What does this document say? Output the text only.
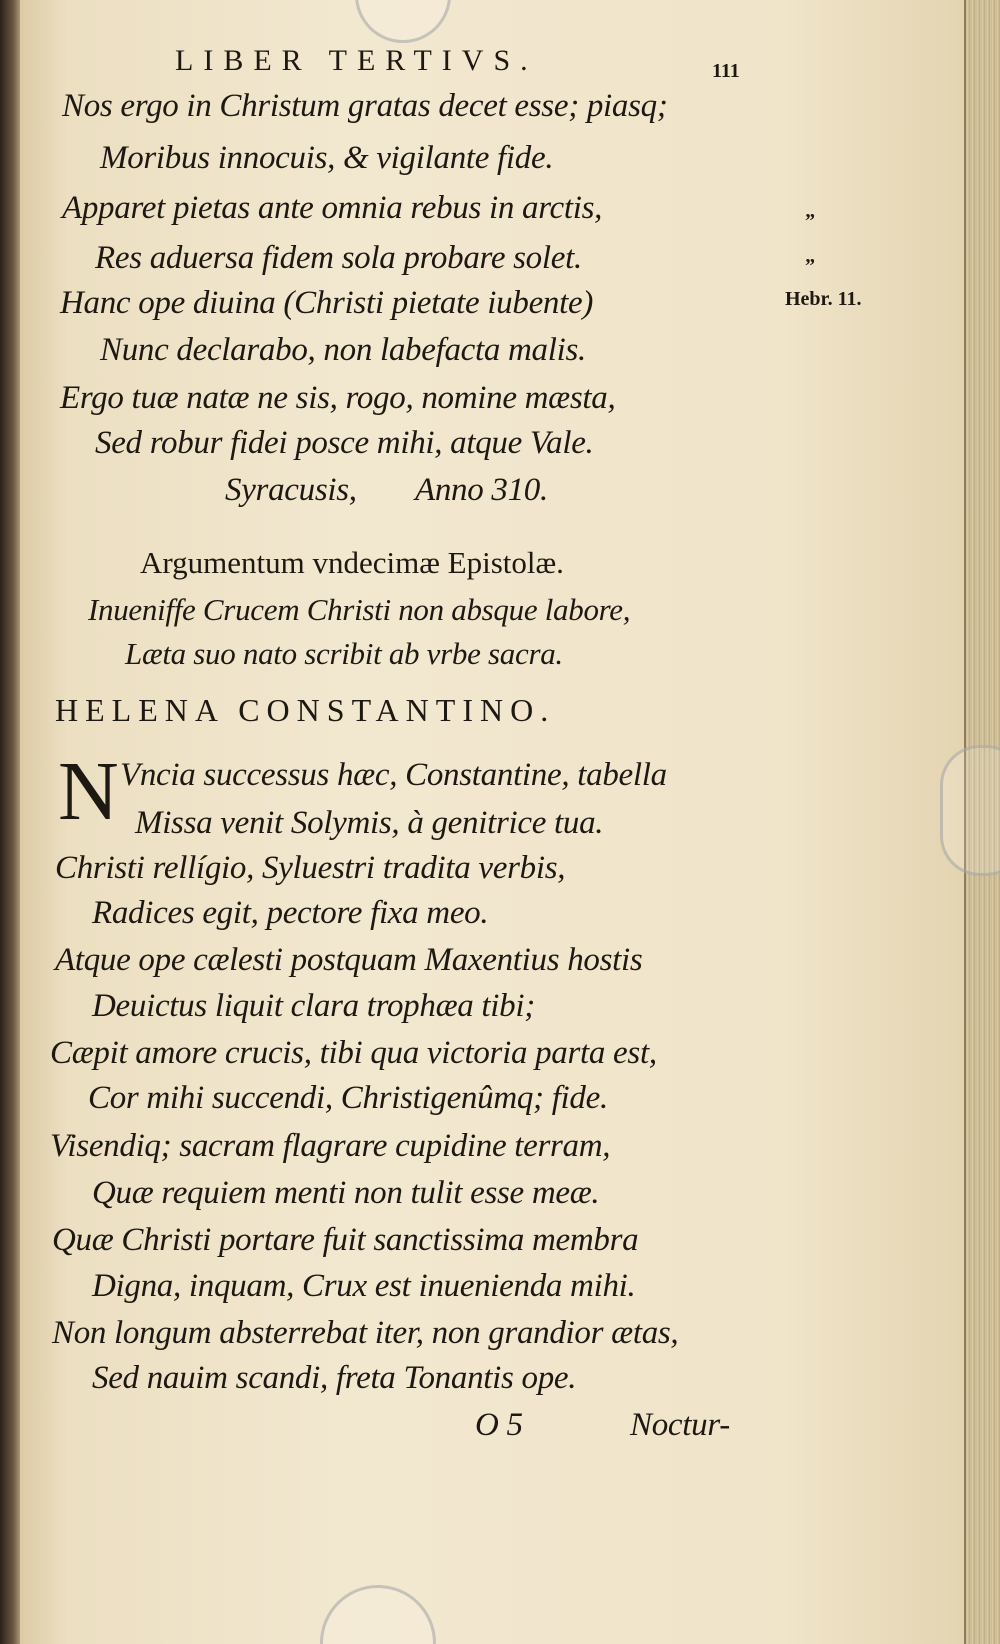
LIBER TERTIVS.	111
Nos ergo in Christum gratas decet esse; piasq;
Moribus innocuis, & vigilante fide.
Apparet pietas ante omnia rebus in arctis,
Res aduersa fidem sola probare solet.
Hanc ope diuina (Christi pietate iubente)
Nunc declarabo, non labefacta malis.
Ergo tuæ natæ ne sis, rogo, nomine mæsta,
Sed robur fidei posce mihi, atque Vale.
Syracusis, Anno 310.
”
”
Hebr. 11.
Argumentum vndecimæ Epistolæ.
Inueniffe Crucem Christi non absque labore,
Læta suo nato scribit ab vrbe sacra.
HELENA CONSTANTINO.
N Vncia successus hæc, Constantine, tabella
Missa venit Solymis, à genitrice tua.
Christi rellígio, Syluestri tradita verbis,
Radices egit, pectore fixa meo.
Atque ope cælesti postquam Maxentius hostis
Deuictus liquit clara trophæa tibi;
Cæpit amore crucis, tibi qua victoria parta est,
Cor mihi succendi, Christigenûmq; fide.
Visendiq; sacram flagrare cupidine terram,
Quæ requiem menti non tulit esse meæ.
Quæ Christi portare fuit sanctissima membra
Digna, inquam, Crux est inuenienda mihi.
Non longum absterrebat iter, non grandior ætas,
Sed nauim scandi, freta Tonantis ope.
O 5	Noctur-
